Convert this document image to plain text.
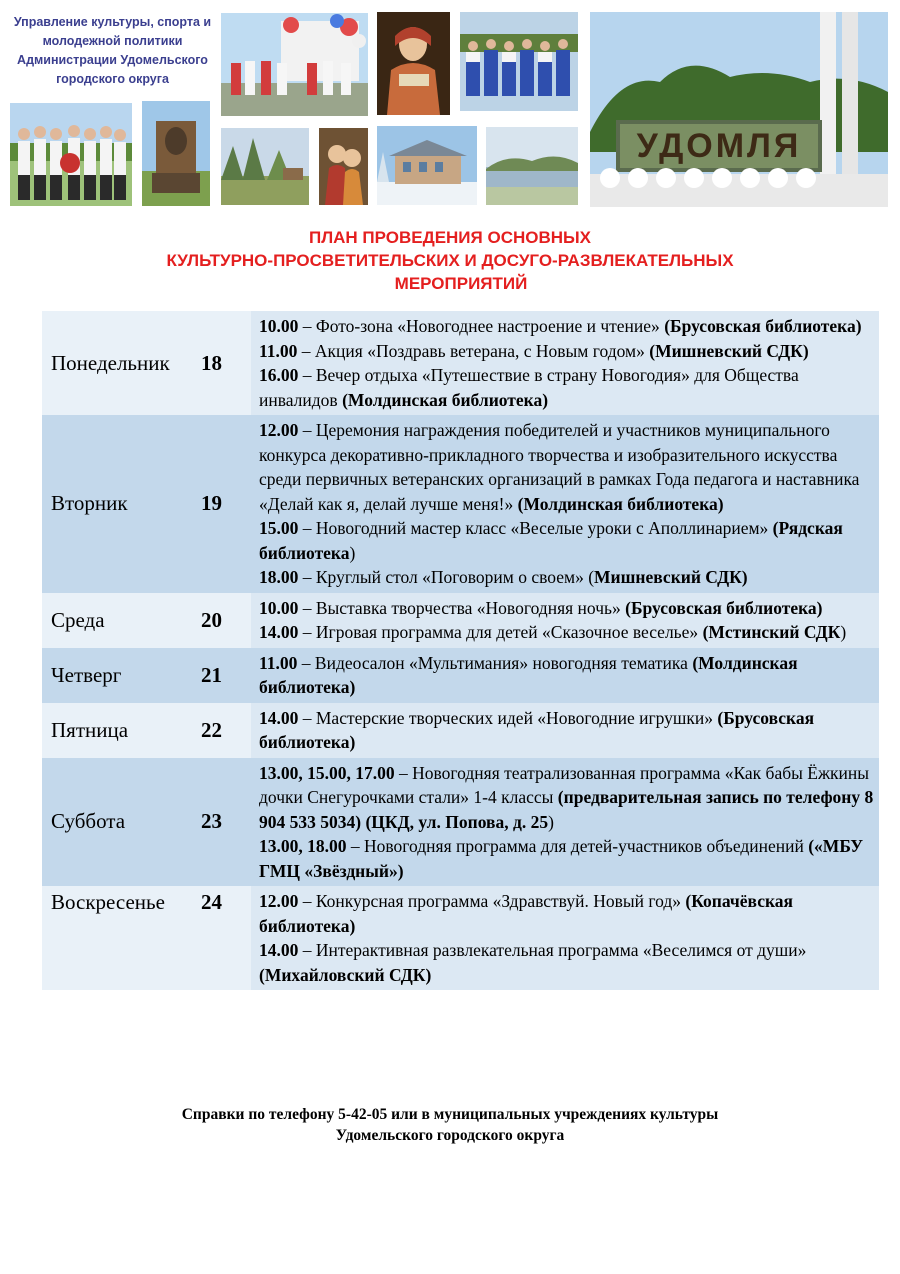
Управление культуры, спорта и
молодежной политики
Администрации Удомельского
городского округа
УДОМЛЯ
ПЛАН ПРОВЕДЕНИЯ ОСНОВНЫХ
КУЛЬТУРНО-ПРОСВЕТИТЕЛЬСКИХ И ДОСУГО-РАЗВЛЕКАТЕЛЬНЫХ
МЕРОПРИЯТИЙ
Понедельник	18	10.00 – Фото-зона «Новогоднее настроение и чтение» (Брусовская библиотека)
11.00 – Акция «Поздравь ветерана, с Новым годом» (Мишневский СДК)
16.00 – Вечер отдыха «Путешествие в страну Новогодия» для Общества инвалидов (Молдинская библиотека)

Вторник	19	12.00 – Церемония награждения победителей и участников муниципального конкурса декоративно-прикладного творчества и изобразительного искусства среди первичных ветеранских организаций в рамках Года педагога и наставника «Делай как я, делай лучше меня!» (Молдинская библиотека)
15.00 – Новогодний мастер класс «Веселые уроки с Аполлинарием» (Рядская библиотека)
18.00 – Круглый стол «Поговорим о своем» (Мишневский СДК)

Среда	20	10.00 – Выставка творчества «Новогодняя ночь» (Брусовская библиотека)
14.00 – Игровая программа для детей «Сказочное веселье» (Мстинский СДК)

Четверг	21	11.00 – Видеосалон «Мультимания» новогодняя тематика (Молдинская библиотека)

Пятница	22	14.00 – Мастерские творческих идей «Новогодние игрушки» (Брусовская библиотека)

Суббота	23	13.00, 15.00, 17.00 – Новогодняя театрализованная программа «Как бабы Ёжкины дочки Снегурочками стали» 1-4 классы (предварительная запись по телефону 8 904 533 5034) (ЦКД, ул. Попова, д. 25)
13.00, 18.00 – Новогодняя программа для детей-участников объединений («МБУ ГМЦ «Звёздный»)

Воскресенье	24	12.00 – Конкурсная программа «Здравствуй. Новый год» (Копачёвская библиотека)
14.00 – Интерактивная развлекательная программа «Веселимся от души» (Михайловский СДК)
Справки по телефону 5-42-05 или в муниципальных учреждениях культуры
Удомельского городского округа
